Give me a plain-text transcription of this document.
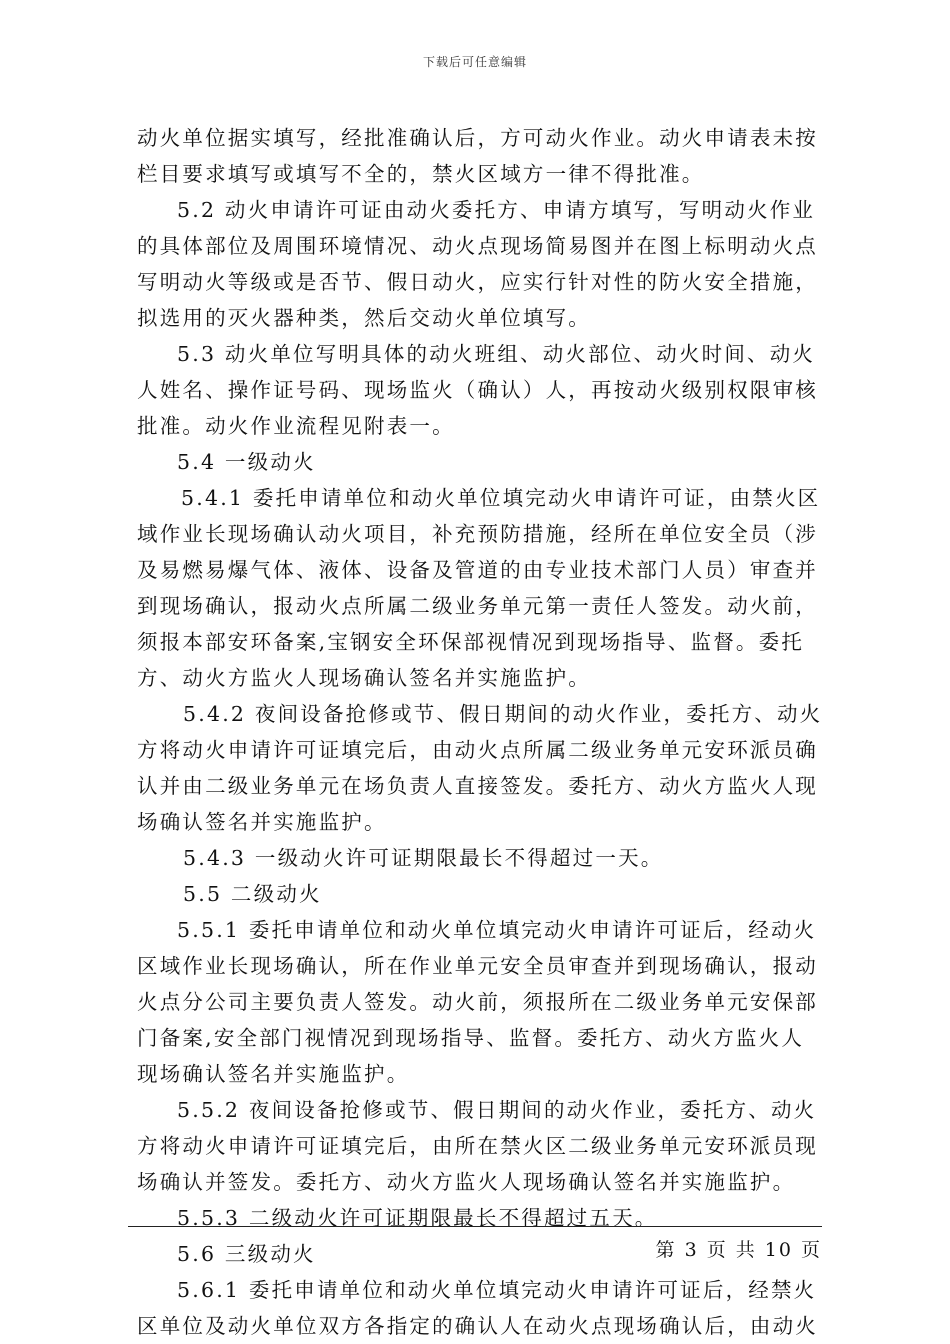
下载后可任意编辑
动火单位据实填写，经批准确认后，方可动火作业。动火申请表未按
栏目要求填写或填写不全的，禁火区域方一律不得批准。
5.2 动火申请许可证由动火委托方、申请方填写，写明动火作业
的具体部位及周围环境情况、动火点现场简易图并在图上标明动火点
写明动火等级或是否节、假日动火，应实行针对性的防火安全措施，
拟选用的灭火器种类，然后交动火单位填写。
5.3 动火单位写明具体的动火班组、动火部位、动火时间、动火
人姓名、操作证号码、现场监火（确认）人，再按动火级别权限审核
批准。动火作业流程见附表一。
5.4 一级动火
5.4.1 委托申请单位和动火单位填完动火申请许可证，由禁火区
域作业长现场确认动火项目，补充预防措施，经所在单位安全员（涉
及易燃易爆气体、液体、设备及管道的由专业技术部门人员）审查并
到现场确认，报动火点所属二级业务单元第一责任人签发。动火前，
须报本部安环备案,宝钢安全环保部视情况到现场指导、监督。委托
方、动火方监火人现场确认签名并实施监护。
5.4.2 夜间设备抢修或节、假日期间的动火作业，委托方、动火
方将动火申请许可证填完后，由动火点所属二级业务单元安环派员确
认并由二级业务单元在场负责人直接签发。委托方、动火方监火人现
场确认签名并实施监护。
5.4.3 一级动火许可证期限最长不得超过一天。
5.5 二级动火
5.5.1 委托申请单位和动火单位填完动火申请许可证后，经动火
区域作业长现场确认，所在作业单元安全员审查并到现场确认，报动
火点分公司主要负责人签发。动火前，须报所在二级业务单元安保部
门备案,安全部门视情况到现场指导、监督。委托方、动火方监火人
现场确认签名并实施监护。
5.5.2 夜间设备抢修或节、假日期间的动火作业，委托方、动火
方将动火申请许可证填完后，由所在禁火区二级业务单元安环派员现
场确认并签发。委托方、动火方监火人现场确认签名并实施监护。
5.5.3 二级动火许可证期限最长不得超过五天。
5.6 三级动火
5.6.1 委托申请单位和动火单位填完动火申请许可证后，经禁火
区单位及动火单位双方各指定的确认人在动火点现场确认后，由动火
第 3 页 共 10 页
